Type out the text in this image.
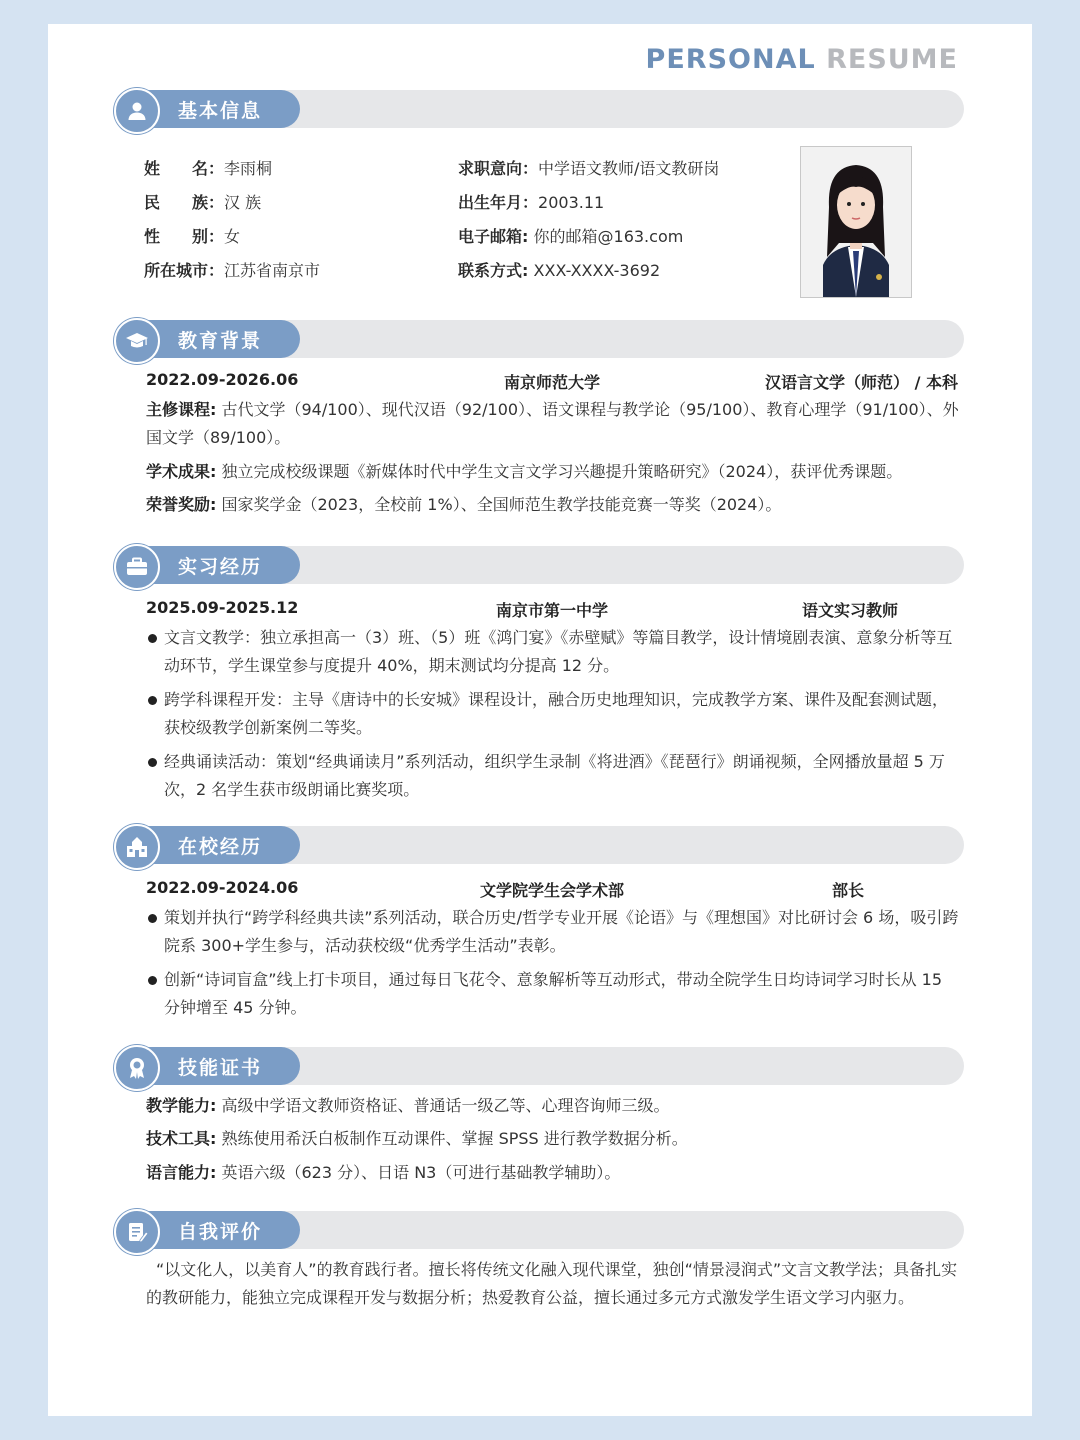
PERSONAL RESUME
基本信息
姓名：李雨桐
民族：汉 族
性别：女
所在城市：江苏省南京市
求职意向：中学语文教师/语文教研岗
出生年月：2003.11
电子邮箱: 你的邮箱@163.com
联系方式: XXX-XXXX-3692
教育背景
2022.09-2026.06	南京师范大学	汉语言文学（师范） / 本科
主修课程: 古代文学（94/100）、现代汉语（92/100）、语文课程与教学论（95/100）、教育心理学（91/100）、外国文学（89/100）。
学术成果: 独立完成校级课题《新媒体时代中学生文言文学习兴趣提升策略研究》（2024），获评优秀课题。
荣誉奖励: 国家奖学金（2023，全校前 1%）、全国师范生教学技能竞赛一等奖（2024）。
实习经历
2025.09-2025.12	南京市第一中学	语文实习教师
文言文教学：独立承担高一（3）班、（5）班《鸿门宴》《赤壁赋》等篇目教学，设计情境剧表演、意象分析等互动环节，学生课堂参与度提升 40%，期末测试均分提高 12 分。
跨学科课程开发：主导《唐诗中的长安城》课程设计，融合历史地理知识，完成教学方案、课件及配套测试题，获校级教学创新案例二等奖。
经典诵读活动：策划“经典诵读月”系列活动，组织学生录制《将进酒》《琵琶行》朗诵视频，全网播放量超 5 万次，2 名学生获市级朗诵比赛奖项。
在校经历
2022.09-2024.06	文学院学生会学术部	部长
策划并执行“跨学科经典共读”系列活动，联合历史/哲学专业开展《论语》与《理想国》对比研讨会 6 场，吸引跨院系 300+学生参与，活动获校级“优秀学生活动”表彰。
创新“诗词盲盒”线上打卡项目，通过每日飞花令、意象解析等互动形式，带动全院学生日均诗词学习时长从 15 分钟增至 45 分钟。
技能证书
教学能力: 高级中学语文教师资格证、普通话一级乙等、心理咨询师三级。
技术工具: 熟练使用希沃白板制作互动课件、掌握 SPSS 进行教学数据分析。
语言能力: 英语六级（623 分）、日语 N3（可进行基础教学辅助）。
自我评价
“以文化人，以美育人”的教育践行者。擅长将传统文化融入现代课堂，独创“情景浸润式”文言文教学法；具备扎实的教研能力，能独立完成课程开发与数据分析；热爱教育公益，擅长通过多元方式激发学生语文学习内驱力。
